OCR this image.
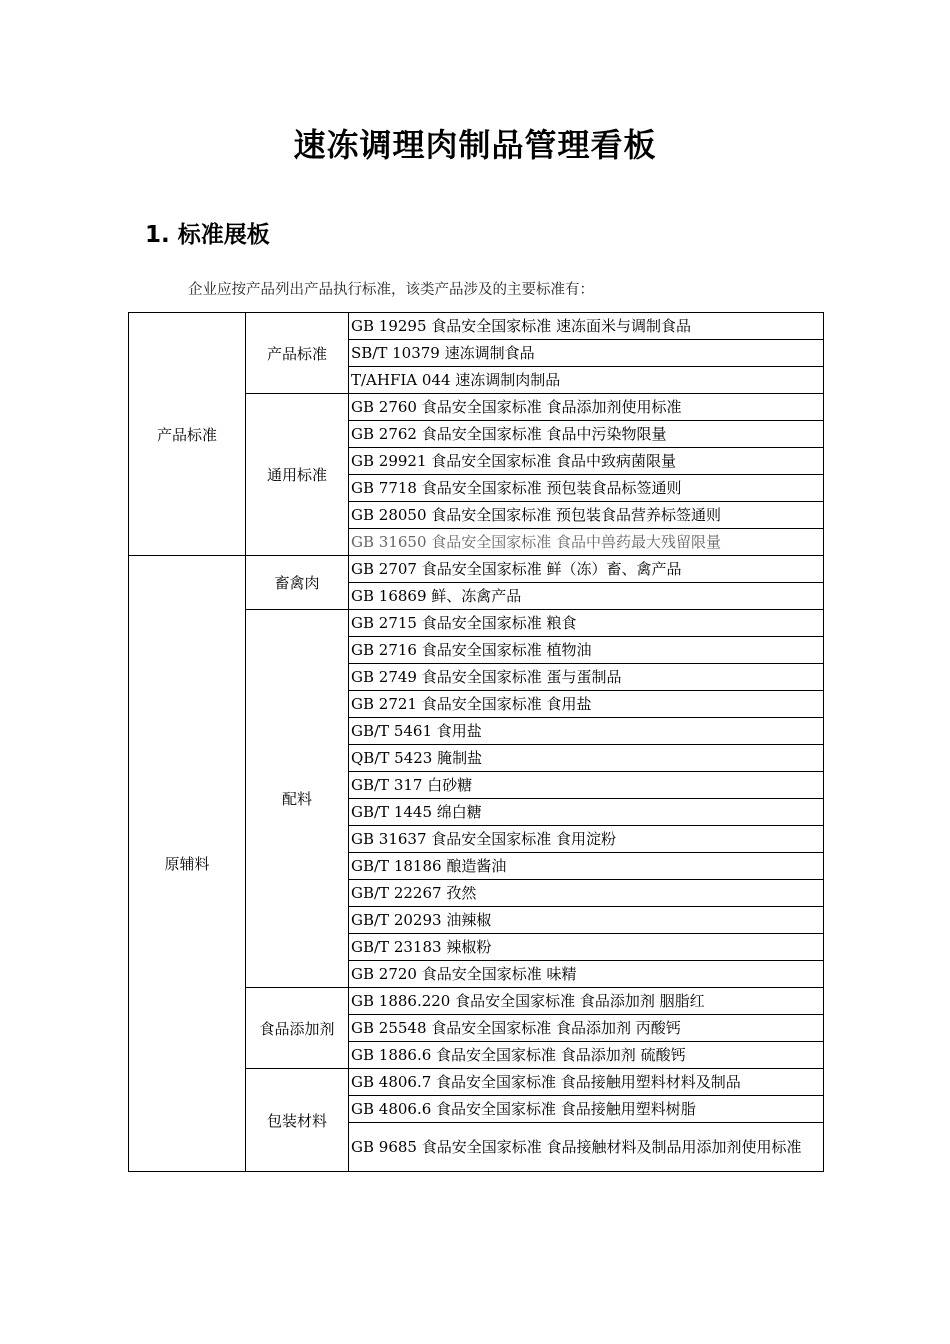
速冻调理肉制品管理看板
1. 标准展板

企业应按产品列出产品执行标准，该类产品涉及的主要标准有：

产品标准	产品标准	GB 19295 食品安全国家标准 速冻面米与调制食品
		SB/T 10379 速冻调制食品
		T/AHFIA 044 速冻调制肉制品
	通用标准	GB 2760 食品安全国家标准 食品添加剂使用标准
		GB 2762 食品安全国家标准 食品中污染物限量
		GB 29921 食品安全国家标准 食品中致病菌限量
		GB 7718 食品安全国家标准 预包装食品标签通则
		GB 28050 食品安全国家标准 预包装食品营养标签通则
		GB 31650 食品安全国家标准 食品中兽药最大残留限量
原辅料	畜禽肉	GB 2707 食品安全国家标准 鲜（冻）畜、禽产品
		GB 16869 鲜、冻禽产品
	配料	GB 2715 食品安全国家标准 粮食
		GB 2716 食品安全国家标准 植物油
		GB 2749 食品安全国家标准 蛋与蛋制品
		GB 2721 食品安全国家标准 食用盐
		GB/T 5461 食用盐
		QB/T 5423 腌制盐
		GB/T 317 白砂糖
		GB/T 1445 绵白糖
		GB 31637 食品安全国家标准 食用淀粉
		GB/T 18186 酿造酱油
		GB/T 22267 孜然
		GB/T 20293 油辣椒
		GB/T 23183 辣椒粉
		GB 2720 食品安全国家标准 味精
	食品添加剂	GB 1886.220 食品安全国家标准 食品添加剂 胭脂红
		GB 25548 食品安全国家标准 食品添加剂 丙酸钙
		GB 1886.6 食品安全国家标准 食品添加剂 硫酸钙
	包装材料	GB 4806.7 食品安全国家标准 食品接触用塑料材料及制品
		GB 4806.6 食品安全国家标准 食品接触用塑料树脂
		GB 9685 食品安全国家标准 食品接触材料及制品用添加剂使用标准
